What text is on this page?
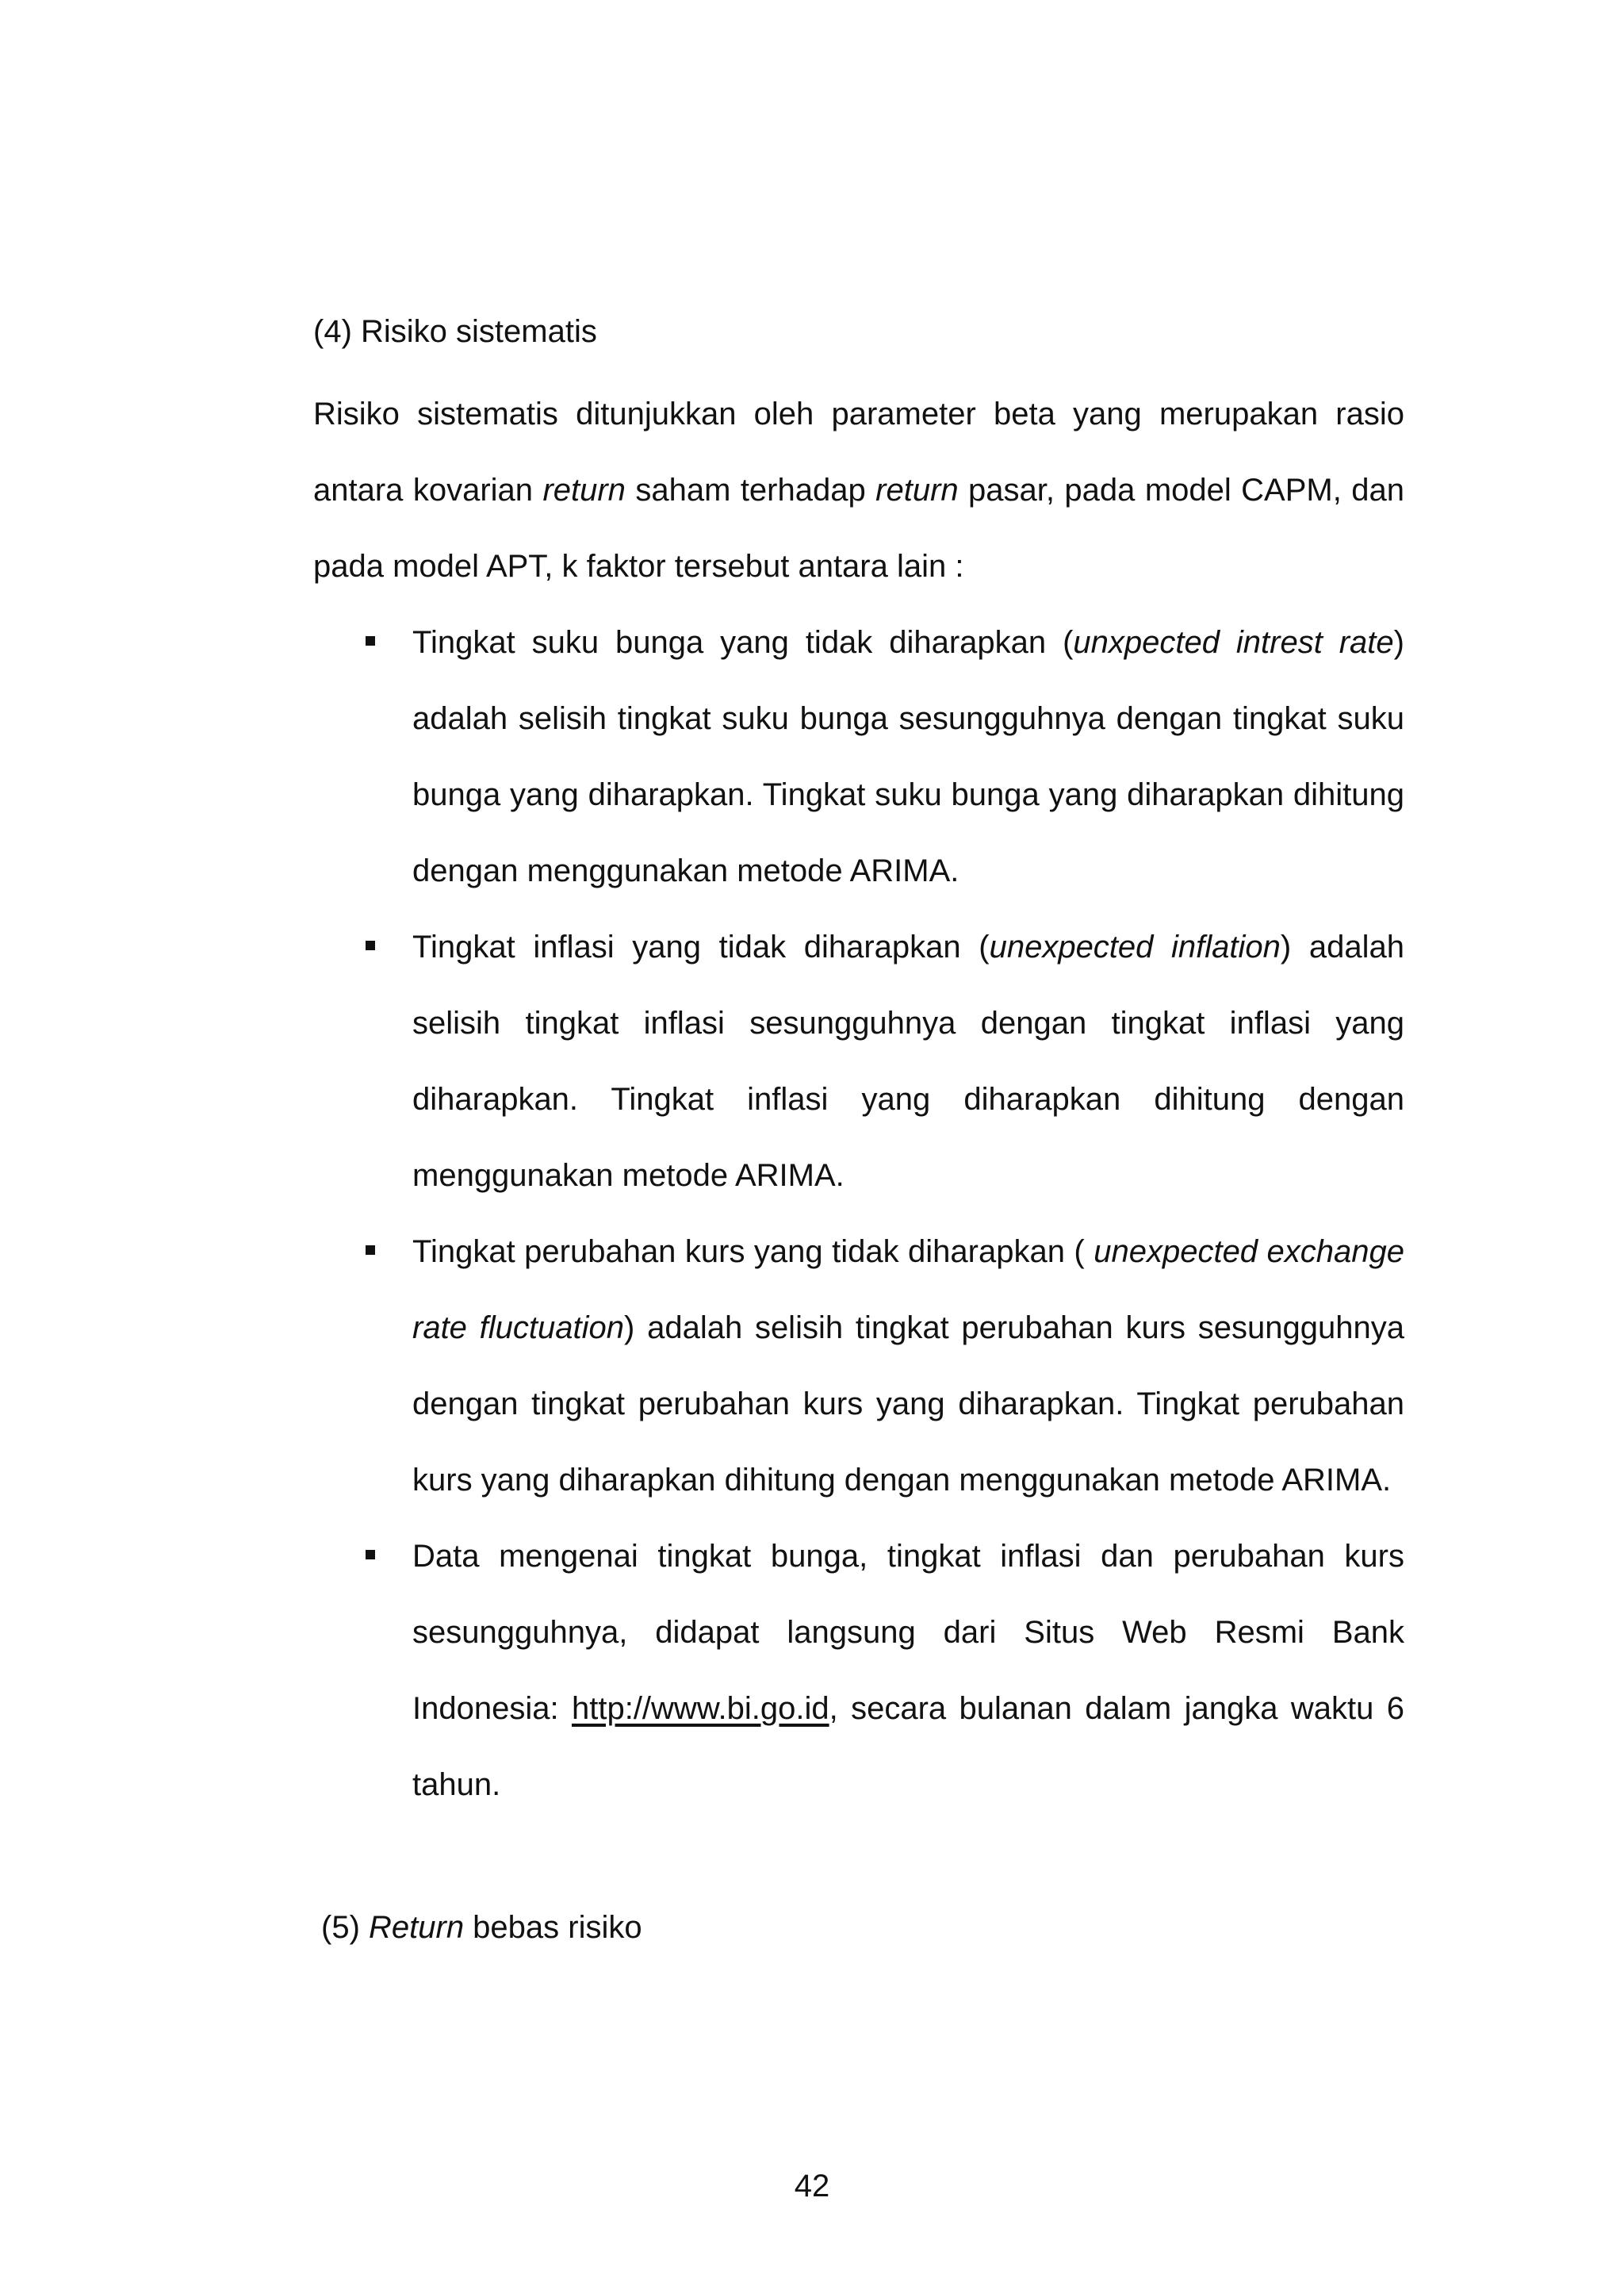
(4) Risiko sistematis

Risiko sistematis ditunjukkan oleh parameter beta yang merupakan rasio antara kovarian return saham terhadap return pasar, pada model CAPM, dan pada model APT, k faktor tersebut antara lain :

Tingkat suku bunga yang tidak diharapkan (unxpected intrest rate) adalah selisih tingkat suku bunga sesungguhnya dengan tingkat suku bunga yang diharapkan. Tingkat suku bunga yang diharapkan dihitung dengan menggunakan metode ARIMA.
Tingkat inflasi yang tidak diharapkan (unexpected inflation) adalah selisih tingkat inflasi sesungguhnya dengan tingkat inflasi yang diharapkan. Tingkat inflasi yang diharapkan dihitung dengan menggunakan metode ARIMA.
Tingkat perubahan kurs yang tidak diharapkan ( unexpected exchange rate fluctuation) adalah selisih tingkat perubahan kurs sesungguhnya dengan tingkat perubahan kurs yang diharapkan. Tingkat perubahan kurs yang diharapkan dihitung dengan menggunakan metode ARIMA.
Data mengenai tingkat bunga, tingkat inflasi dan perubahan kurs sesungguhnya, didapat langsung dari Situs Web Resmi Bank Indonesia: http://www.bi.go.id, secara bulanan dalam jangka waktu 6 tahun.
(5) Return bebas risiko
42
